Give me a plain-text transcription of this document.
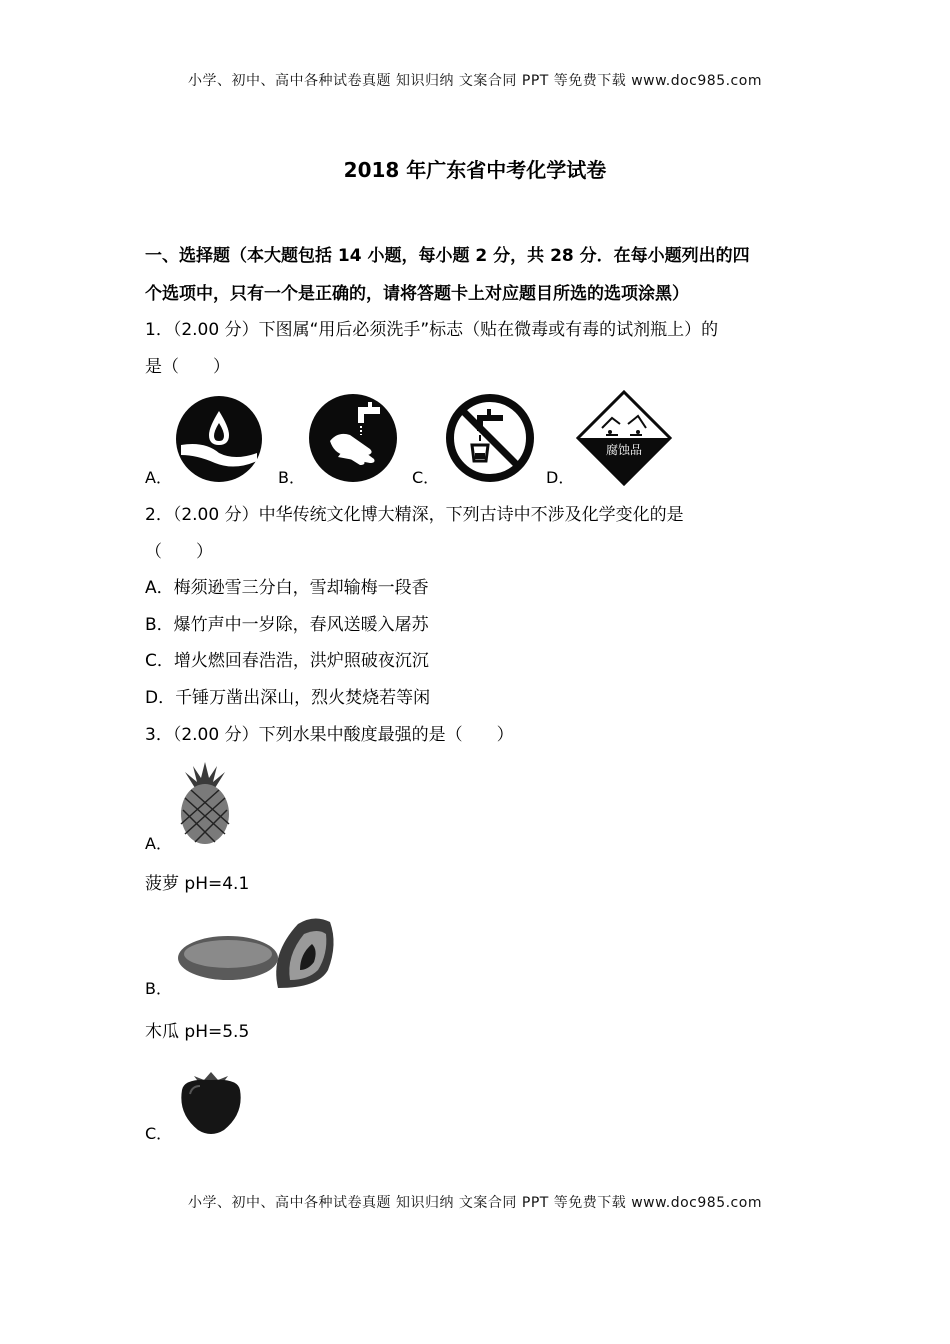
小学、初中、高中各种试卷真题 知识归纳 文案合同 PPT 等免费下载 www.doc985.com
2018 年广东省中考化学试卷
一、选择题（本大题包括 14 小题，每小题 2 分，共 28 分．在每小题列出的四
个选项中，只有一个是正确的，请将答题卡上对应题目所选的选项涂黑）
1．（2.00 分）下图属“用后必须洗手”标志（贴在微毒或有毒的试剂瓶上）的
是（　　）
A．	B．	C．
腐蚀品
D．
2．（2.00 分）中华传统文化博大精深，下列古诗中不涉及化学变化的是
（　　）
A．梅须逊雪三分白，雪却输梅一段香
B．爆竹声中一岁除，春风送暖入屠苏
C．增火燃回春浩浩，洪炉照破夜沉沉
D．千锤万凿出深山，烈火焚烧若等闲
3．（2.00 分）下列水果中酸度最强的是（　　）
A．
菠萝 pH=4.1
B．
木瓜 pH=5.5
C．
小学、初中、高中各种试卷真题 知识归纳 文案合同 PPT 等免费下载 www.doc985.com
